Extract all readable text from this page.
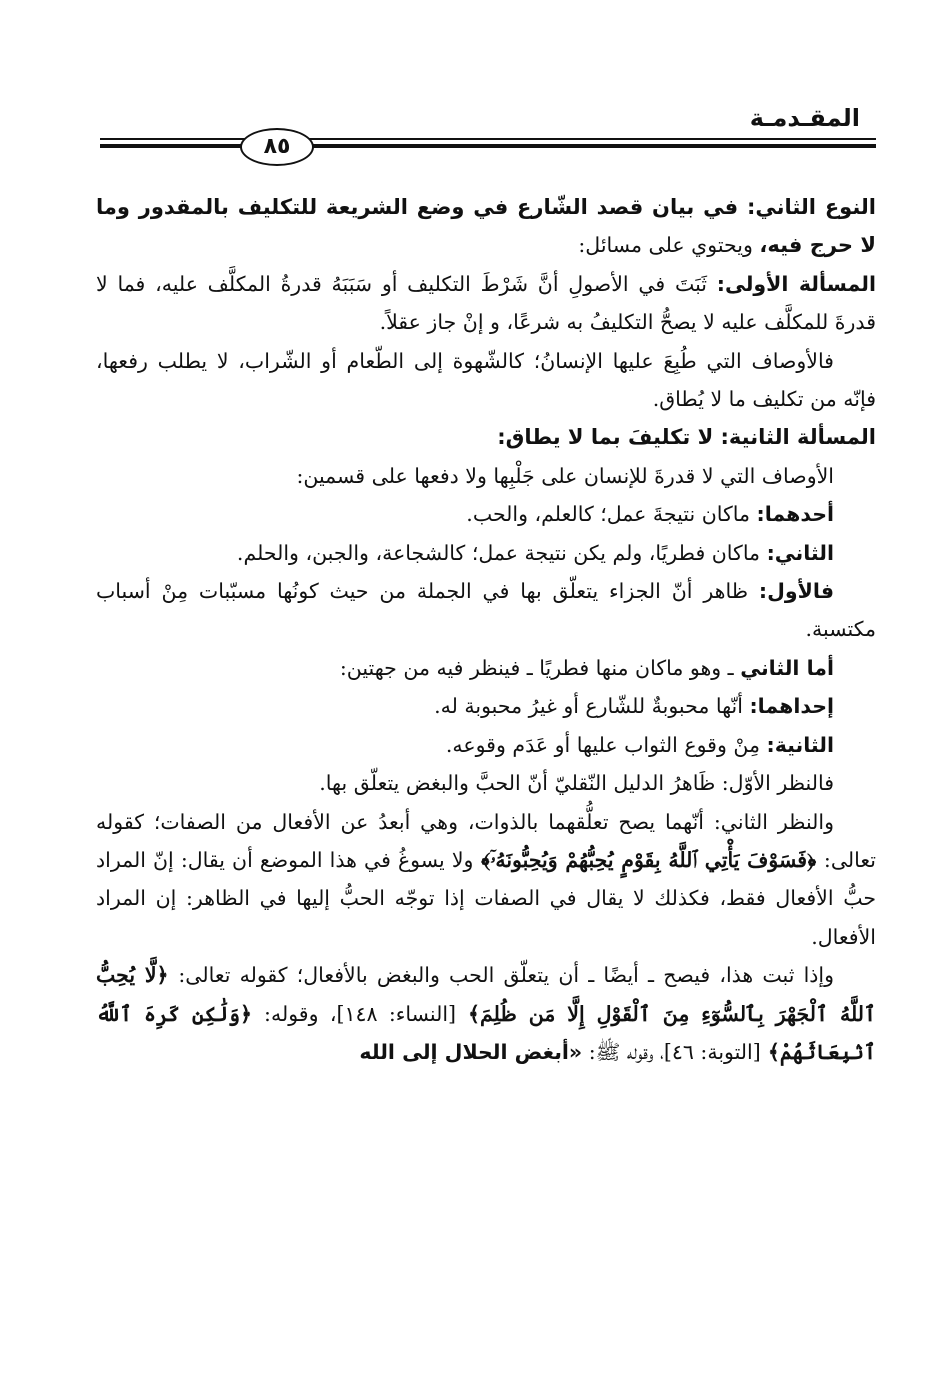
المقـدمـة
٨٥

النوع الثاني: في بيان قصد الشّارع في وضع الشريعة للتكليف بالمقدور وما لا حرج فيه، ويحتوي على مسائل:

المسألة الأولى: ثَبَتَ في الأصولِ أنَّ شَرْطَ التكليف أو سَبَبَهُ قدرةُ المكلَّف عليه، فما لا قدرةَ للمكلَّف عليه لا يصحُّ التكليفُ به شرعًا، و إنْ جاز عقلاً.

فالأوصاف التي طُبِعَ عليها الإنسانُ؛ كالشّهوة إلى الطّعام أو الشّراب، لا يطلب رفعها، فإنّه من تكليف ما لا يُطاق.

المسألة الثانية: لا تكليفَ بما لا يطاق:

الأوصاف التي لا قدرةَ للإنسان على جَلْبِها ولا دفعها على قسمين:

أحدهما: ماكان نتيجةَ عمل؛ كالعلم، والحب.

الثاني: ماكان فطريًا، ولم يكن نتيجة عمل؛ كالشجاعة، والجبن، والحلم.

فالأول: ظاهر أنّ الجزاء يتعلّق بها في الجملة من حيث كونُها مسبّبات مِنْ أسباب مكتسبة.

أما الثاني ـ وهو ماكان منها فطريًا ـ فينظر فيه من جهتين:

إحداهما: أنّها محبوبةٌ للشّارع أو غيرُ محبوبة له.

الثانية: مِنْ وقوع الثواب عليها أو عَدَم وقوعه.

فالنظر الأوّل: ظَاهرُ الدليل النّقليّ أنّ الحبَّ والبغض يتعلّق بها.

والنظر الثاني: أنّهما يصح تعلُّقهما بالذوات، وهي أبعدُ عن الأفعال من الصفات؛ كقوله تعالى: ﴿فَسَوْفَ يَأْتِي ٱللَّهُ بِقَوْمٍ يُحِبُّهُمْ وَيُحِبُّونَهُۥٓ﴾ ولا يسوغُ في هذا الموضع أن يقال: إنّ المراد حبُّ الأفعال فقط، فكذلك لا يقال في الصفات إذا توجّه الحبُّ إليها في الظاهر: إن المراد الأفعال.

وإذا ثبت هذا، فيصح ـ أيضًا ـ أن يتعلّق الحب والبغض بالأفعال؛ كقوله تعالى: ﴿لَّا يُحِبُّ ٱللَّهُ ٱلْجَهْرَ بِٱلسُّوٓءِ مِنَ ٱلْقَوْلِ إِلَّا مَن ظُلِمَ﴾ [النساء: ١٤٨]، وقوله: ﴿وَلَٰكِن كَرِهَ ٱللَّهُ ٱنۢبِعَاثَهُمْ﴾ [التوبة: ٤٦]، وقوله ﷺ: «أبغض الحلال إلى الله
